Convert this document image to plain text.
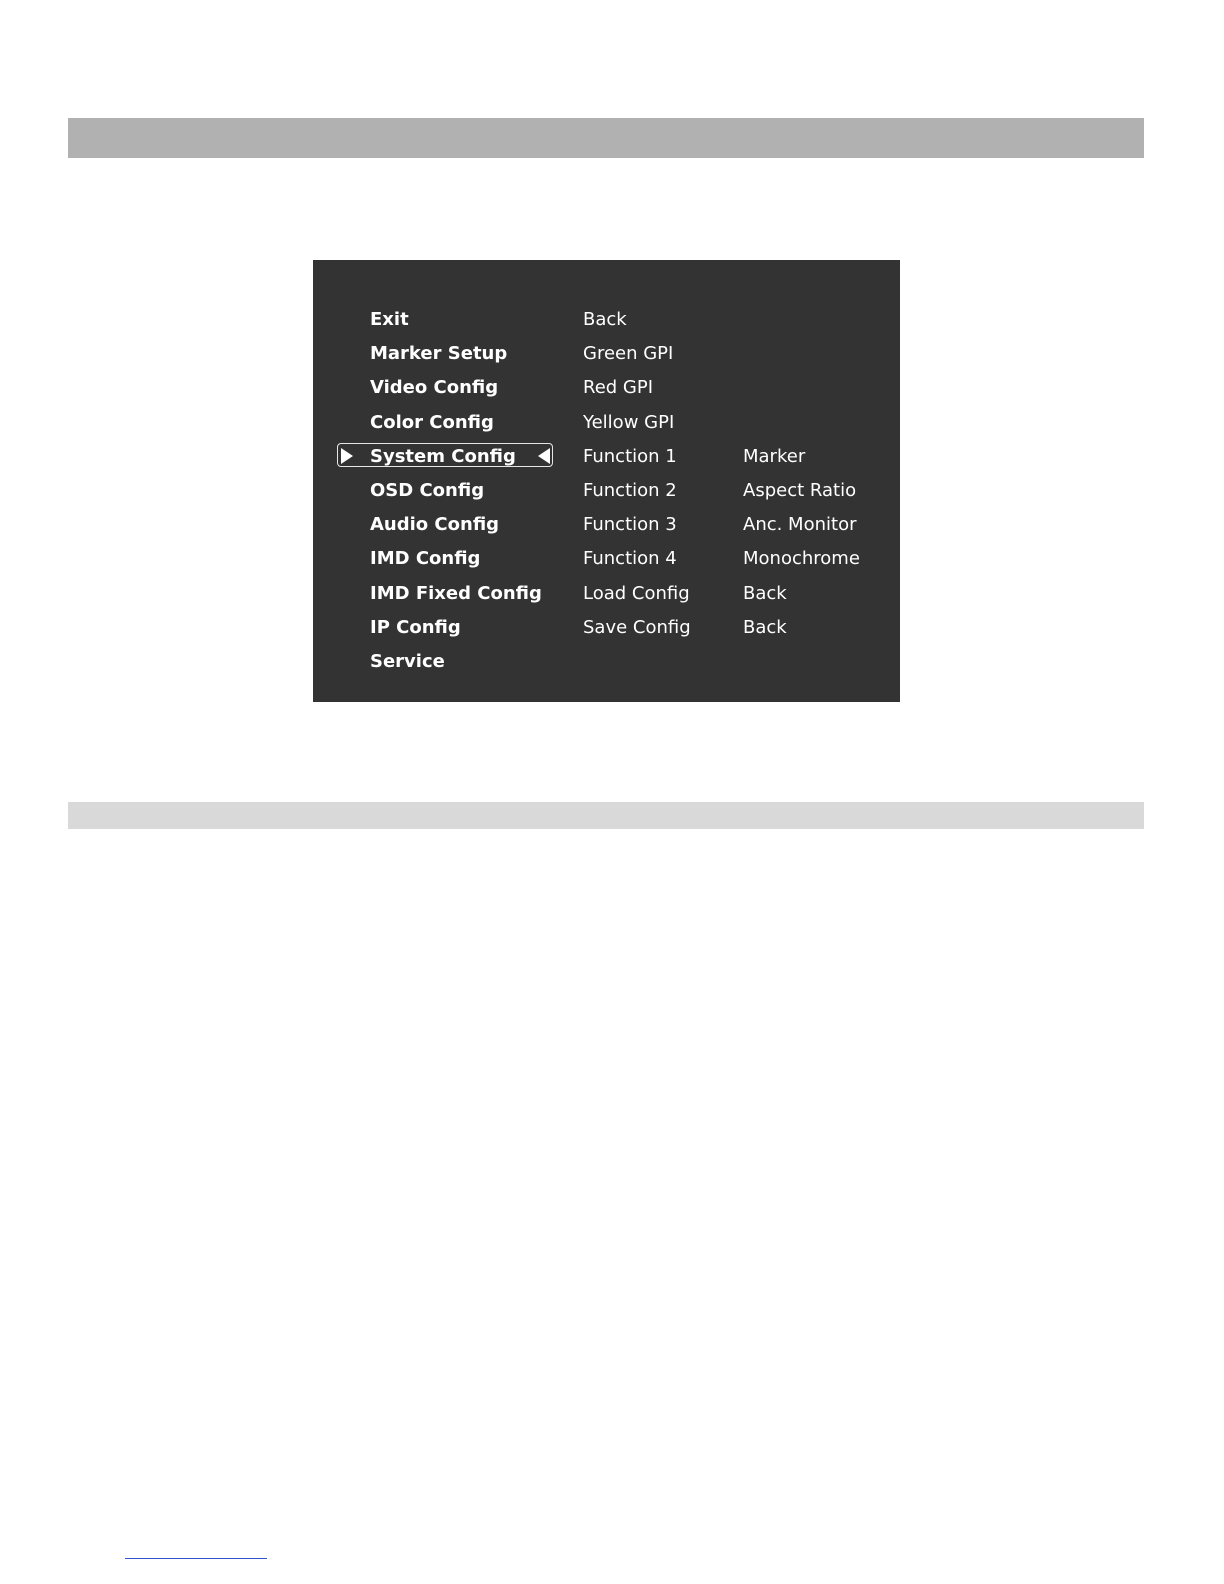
Exit
Marker Setup
Video Config
Color Config
System Config
OSD Config
Audio Config
IMD Config
IMD Fixed Config
IP Config
Service
Back
Green GPI
Red GPI
Yellow GPI
Function 1
Function 2
Function 3
Function 4
Load Config
Save Config
Marker
Aspect Ratio
Anc. Monitor
Monochrome
Back
Back
